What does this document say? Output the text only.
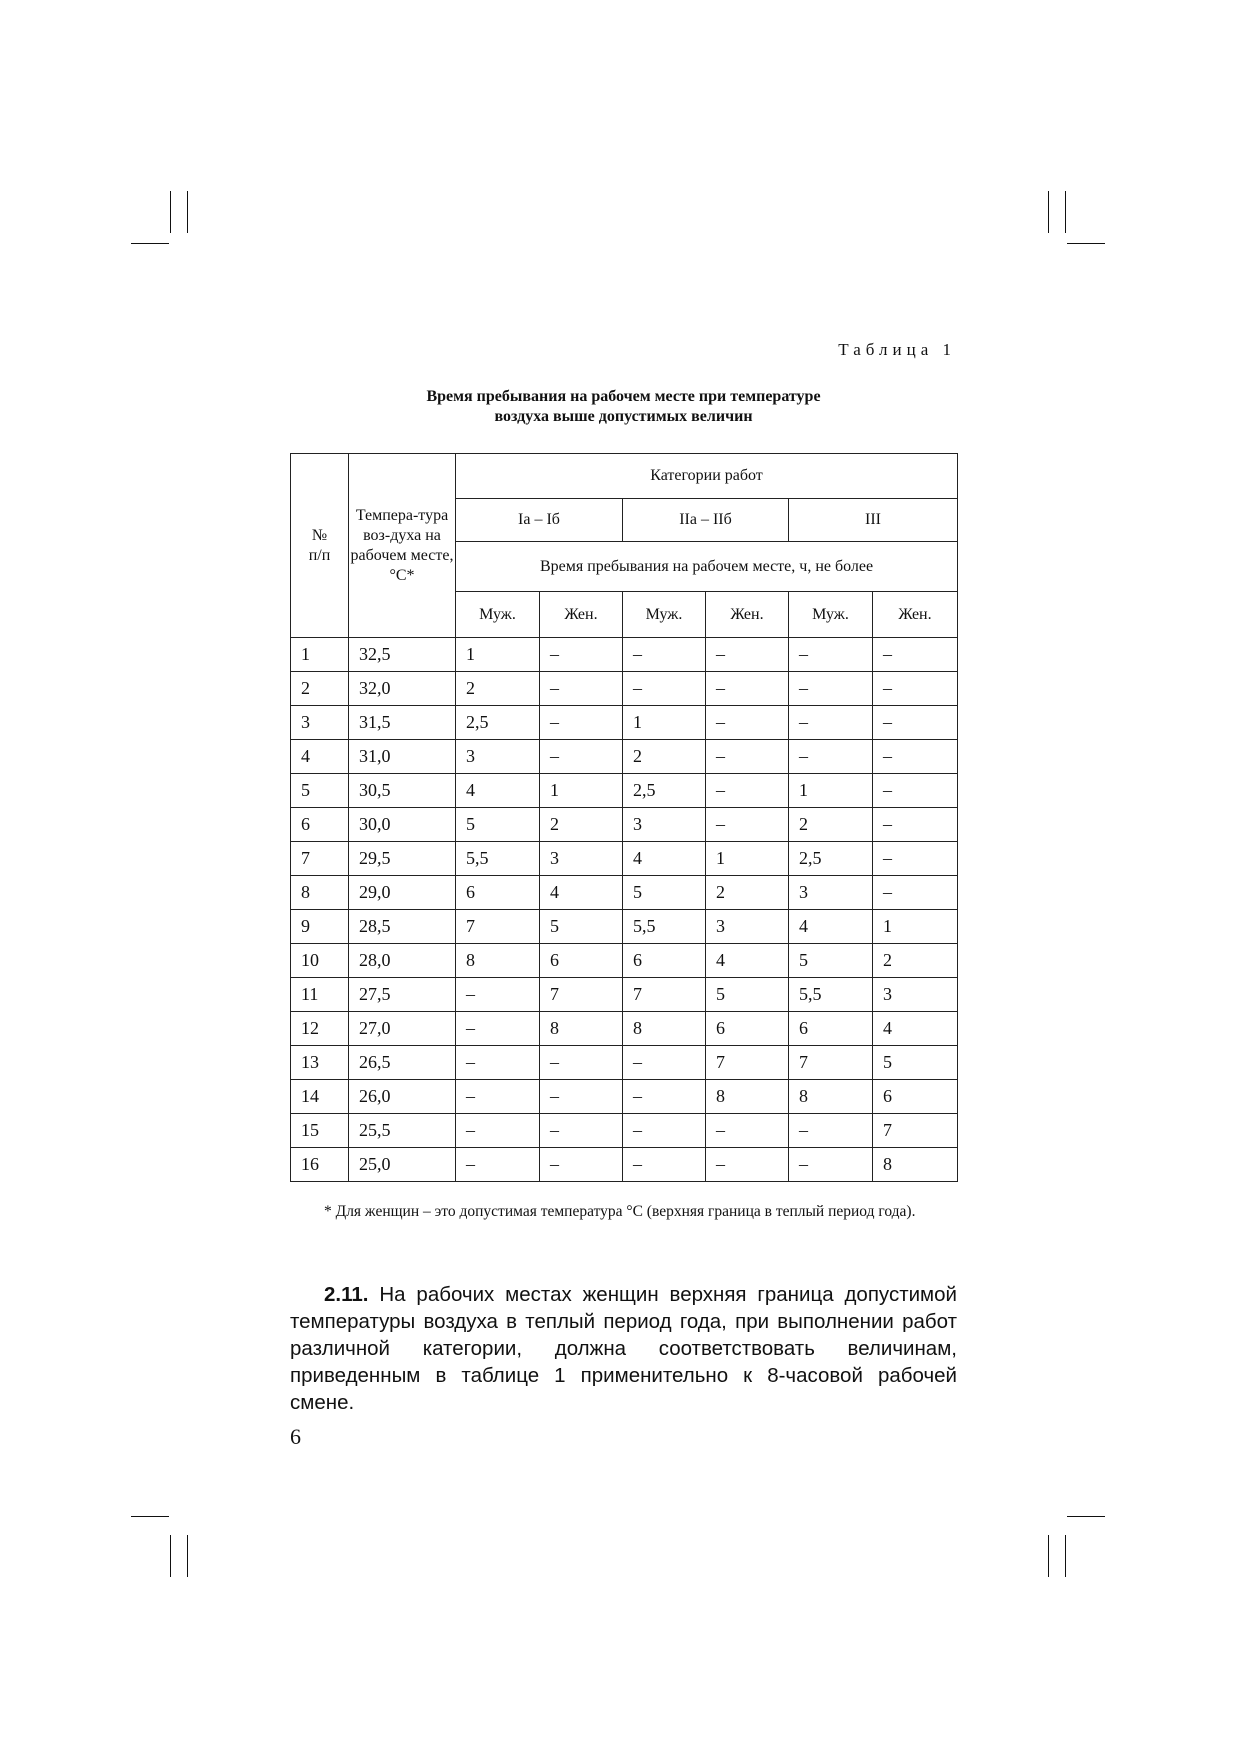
Таблица 1
Время пребывания на рабочем месте при температуре
воздуха выше допустимых величин
№
п/п	Темпера-тура воз-духа на рабочем месте, °С*	Категории работ					
		Iа – Iб		IIа – IIб		III	
		Время пребывания на рабочем месте, ч, не более					
		Муж.	Жен.	Муж.	Жен.	Муж.	Жен.
1	32,5	1	–	–	–	–	–
2	32,0	2	–	–	–	–	–
3	31,5	2,5	–	1	–	–	–
4	31,0	3	–	2	–	–	–
5	30,5	4	1	2,5	–	1	–
6	30,0	5	2	3	–	2	–
7	29,5	5,5	3	4	1	2,5	–
8	29,0	6	4	5	2	3	–
9	28,5	7	5	5,5	3	4	1
10	28,0	8	6	6	4	5	2
11	27,5	–	7	7	5	5,5	3
12	27,0	–	8	8	6	6	4
13	26,5	–	–	–	7	7	5
14	26,0	–	–	–	8	8	6
15	25,5	–	–	–	–	–	7
16	25,0	–	–	–	–	–	8
* Для женщин – это допустимая температура °С (верхняя граница в теплый период года).
2.11. На рабочих местах женщин верхняя граница допустимой температуры воздуха в теплый период года, при выполнении работ различной категории, должна соответствовать величинам, приведенным в таблице 1 применительно к 8-часовой рабочей смене.
6
